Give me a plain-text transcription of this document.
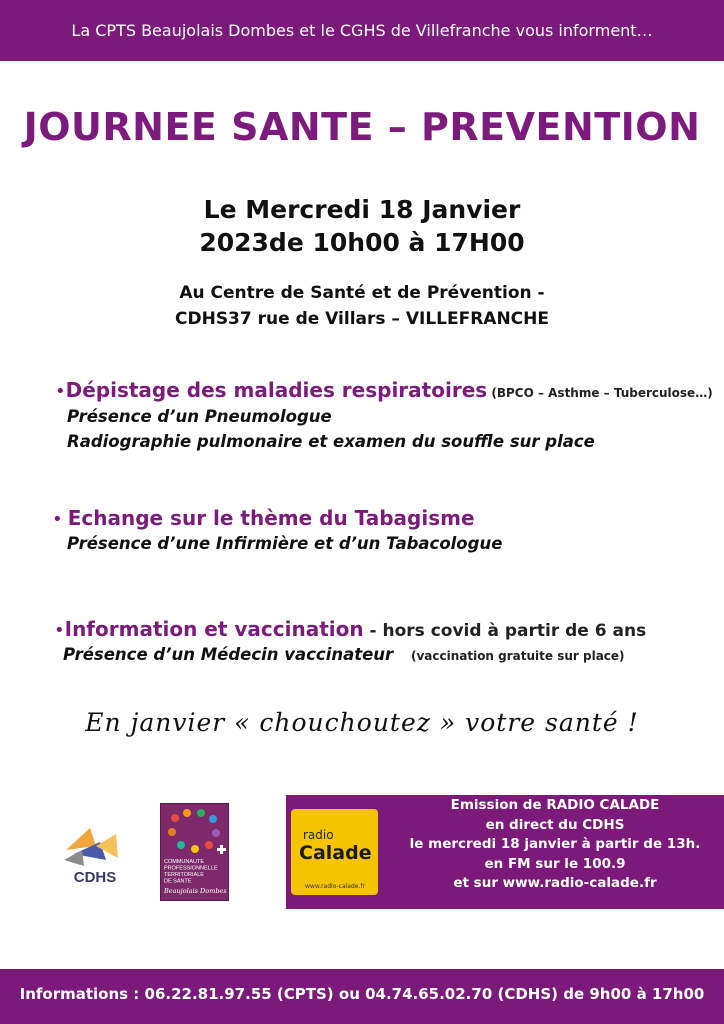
La CPTS Beaujolais Dombes et le CGHS de Villefranche vous informent…
JOURNEE SANTE – PREVENTION
Le Mercredi 18 Janvier
2023de 10h00 à 17H00
Au Centre de Santé et de Prévention -
CDHS37 rue de Villars – VILLEFRANCHE
•Dépistage des maladies respiratoires (BPCO – Asthme – Tuberculose…)
Présence d’un Pneumologue
Radiographie pulmonaire et examen du souffle sur place
• Echange sur le thème du Tabagisme
Présence d’une Infirmière et d’un Tabacologue
•Information et vaccination - hors covid à partir de 6 ans
Présence d’un Médecin vaccinateur (vaccination gratuite sur place)
En janvier « chouchoutez » votre santé !
CDHS
COMMUNAUTE
PROFESSIONNELLE
TERRITORIALE
DE SANTE
Beaujolais Dombes
radio
Calade
www.radio-calade.fr
Emission de RADIO CALADE
en direct du CDHS
le mercredi 18 janvier à partir de 13h.
en FM sur le 100.9
et sur www.radio-calade.fr
Informations : 06.22.81.97.55 (CPTS) ou 04.74.65.02.70 (CDHS) de 9h00 à 17h00
